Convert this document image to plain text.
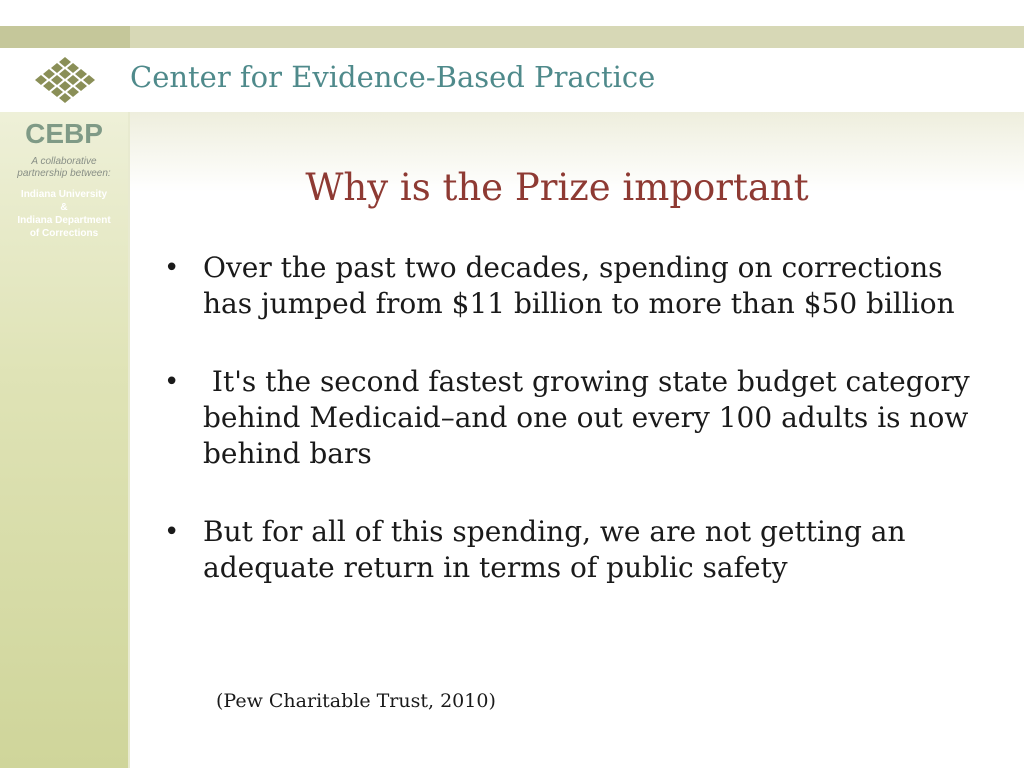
Center for Evidence-Based Practice
CEBP
A collaborative
partnership between:
Indiana University
&
Indiana Department
of Corrections
Why is the Prize important
• Over the past two decades, spending on corrections has jumped from $11 billion to more than $50 billion
• It's the second fastest growing state budget category behind Medicaid–and one out every 100 adults is now behind bars
• But for all of this spending, we are not getting an adequate return in terms of public safety
(Pew Charitable Trust, 2010)
